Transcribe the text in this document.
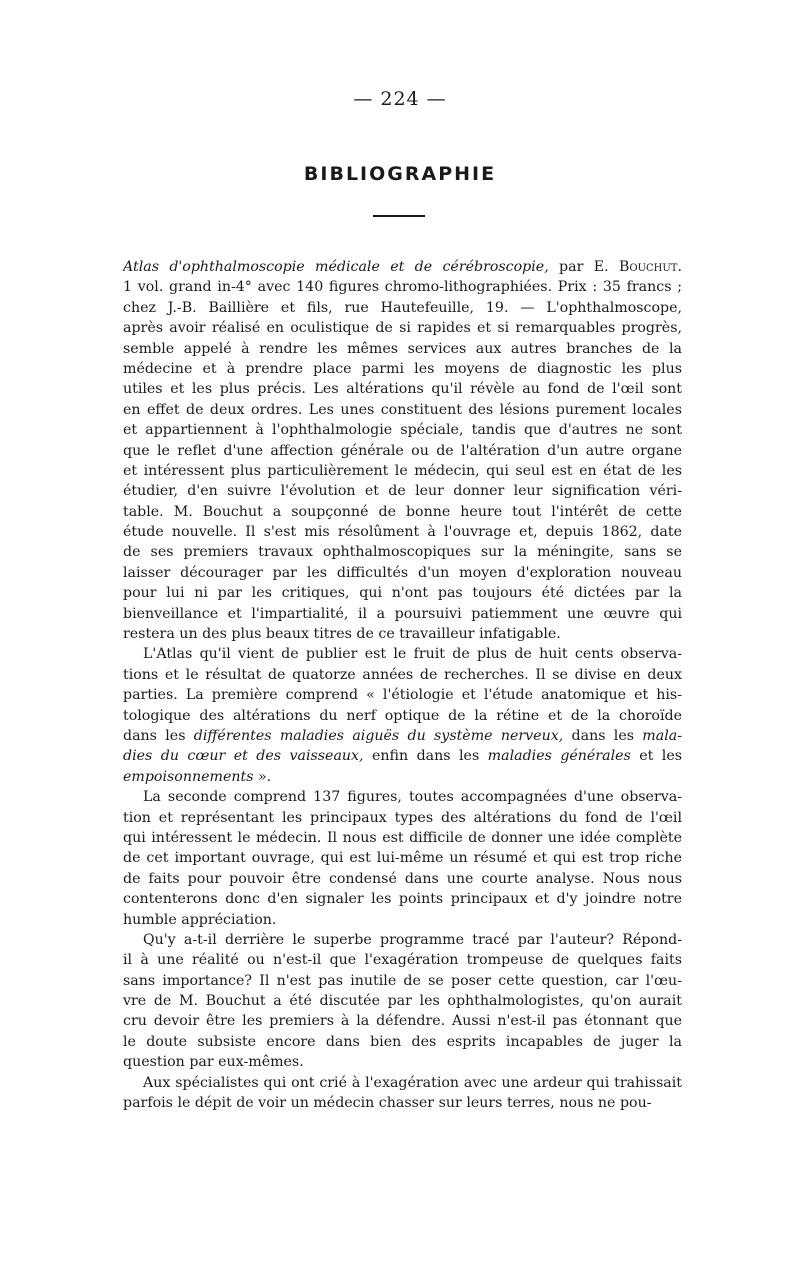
— 224 —
BIBLIOGRAPHIE
Atlas d'ophthalmoscopie médicale et de cérébroscopie, par E. Bouchut.
1 vol. grand in-4° avec 140 figures chromo-lithographiées. Prix : 35 francs ;
chez J.-B. Baillière et fils, rue Hautefeuille, 19. — L'ophthalmoscope,
après avoir réalisé en oculistique de si rapides et si remarquables progrès,
semble appelé à rendre les mêmes services aux autres branches de la
médecine et à prendre place parmi les moyens de diagnostic les plus
utiles et les plus précis. Les altérations qu'il révèle au fond de l'œil sont
en effet de deux ordres. Les unes constituent des lésions purement locales
et appartiennent à l'ophthalmologie spéciale, tandis que d'autres ne sont
que le reflet d'une affection générale ou de l'altération d'un autre organe
et intéressent plus particulièrement le médecin, qui seul est en état de les
étudier, d'en suivre l'évolution et de leur donner leur signification véri-
table. M. Bouchut a soupçonné de bonne heure tout l'intérêt de cette
étude nouvelle. Il s'est mis résolûment à l'ouvrage et, depuis 1862, date
de ses premiers travaux ophthalmoscopiques sur la méningite, sans se
laisser décourager par les difficultés d'un moyen d'exploration nouveau
pour lui ni par les critiques, qui n'ont pas toujours été dictées par la
bienveillance et l'impartialité, il a poursuivi patiemment une œuvre qui
restera un des plus beaux titres de ce travailleur infatigable.
L'Atlas qu'il vient de publier est le fruit de plus de huit cents observa-
tions et le résultat de quatorze années de recherches. Il se divise en deux
parties. La première comprend « l'étiologie et l'étude anatomique et his-
tologique des altérations du nerf optique de la rétine et de la choroïde
dans les différentes maladies aiguës du système nerveux, dans les mala-
dies du cœur et des vaisseaux, enfin dans les maladies générales et les
empoisonnements ».
La seconde comprend 137 figures, toutes accompagnées d'une observa-
tion et représentant les principaux types des altérations du fond de l'œil
qui intéressent le médecin. Il nous est difficile de donner une idée complète
de cet important ouvrage, qui est lui-même un résumé et qui est trop riche
de faits pour pouvoir être condensé dans une courte analyse. Nous nous
contenterons donc d'en signaler les points principaux et d'y joindre notre
humble appréciation.
Qu'y a-t-il derrière le superbe programme tracé par l'auteur? Répond-
il à une réalité ou n'est-il que l'exagération trompeuse de quelques faits
sans importance? Il n'est pas inutile de se poser cette question, car l'œu-
vre de M. Bouchut a été discutée par les ophthalmologistes, qu'on aurait
cru devoir être les premiers à la défendre. Aussi n'est-il pas étonnant que
le doute subsiste encore dans bien des esprits incapables de juger la
question par eux-mêmes.
Aux spécialistes qui ont crié à l'exagération avec une ardeur qui trahissait
parfois le dépit de voir un médecin chasser sur leurs terres, nous ne pou-
